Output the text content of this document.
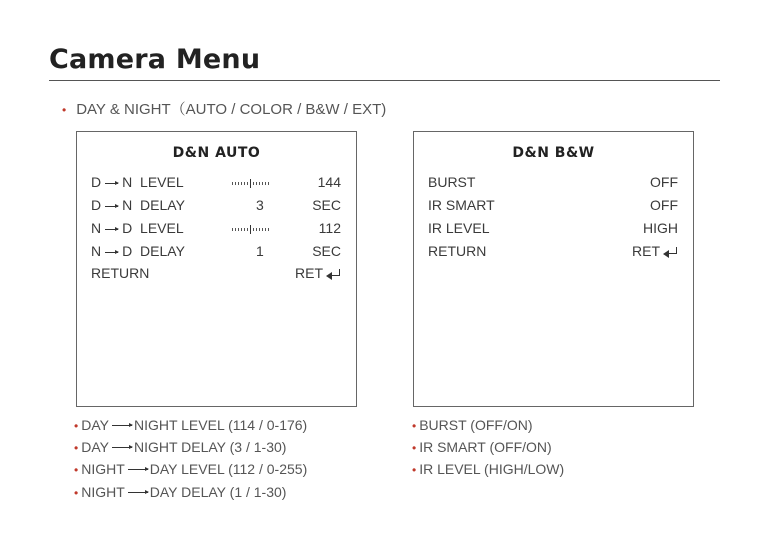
Camera Menu
• DAY & NIGHT（AUTO / COLOR / B&W / EXT)
D&N AUTO
D N LEVEL	144
D N DELAY	3	SEC
N D LEVEL	112
N D DELAY	1	SEC
RETURN	RET
D&N B&W
BURST	OFF
IR SMART	OFF
IR LEVEL	HIGH
RETURN	RET
• DAY NIGHT LEVEL (114 / 0-176)
• DAY NIGHT DELAY (3 / 1-30)
• NIGHT DAY LEVEL (112 / 0-255)
• NIGHT DAY DELAY (1 / 1-30)
• BURST (OFF/ON)
• IR SMART (OFF/ON)
• IR LEVEL (HIGH/LOW)
